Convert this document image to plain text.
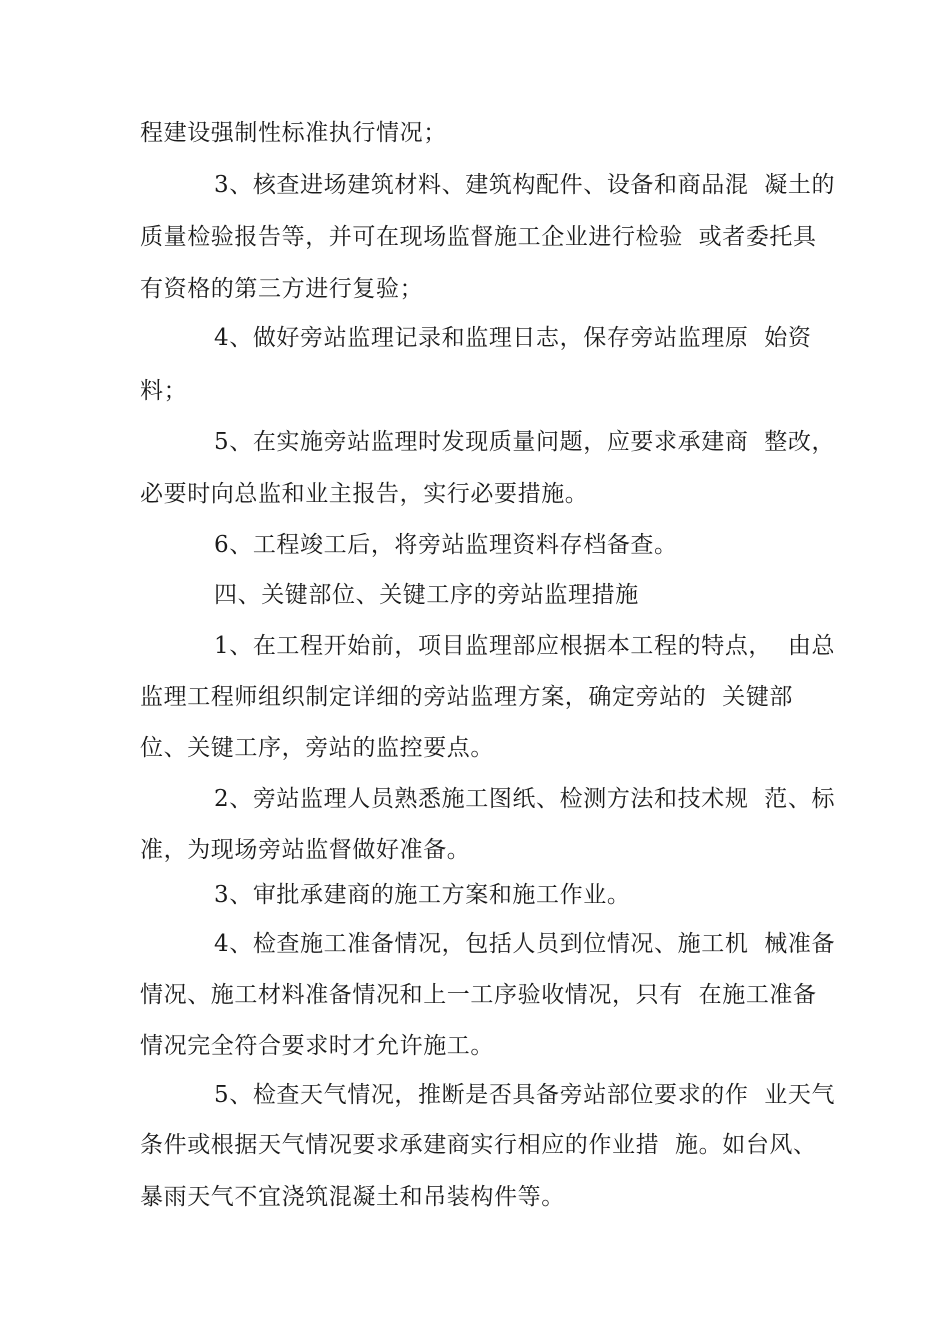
程建设强制性标准执行情况；
3、核查进场建筑材料、建筑构配件、设备和商品混  凝土的
质量检验报告等，并可在现场监督施工企业进行检验  或者委托具
有资格的第三方进行复验；
4、做好旁站监理记录和监理日志，保存旁站监理原  始资
料；
5、在实施旁站监理时发现质量问题，应要求承建商  整改，
必要时向总监和业主报告，实行必要措施。
6、工程竣工后，将旁站监理资料存档备查。
四、关键部位、关键工序的旁站监理措施
1、在工程开始前，项目监理部应根据本工程的特点，  由总
监理工程师组织制定详细的旁站监理方案，确定旁站的  关键部
位、关键工序，旁站的监控要点。
2、旁站监理人员熟悉施工图纸、检测方法和技术规  范、标
准，为现场旁站监督做好准备。
3、审批承建商的施工方案和施工作业。
4、检查施工准备情况，包括人员到位情况、施工机  械准备
情况、施工材料准备情况和上一工序验收情况，只有  在施工准备
情况完全符合要求时才允许施工。
5、检查天气情况，推断是否具备旁站部位要求的作  业天气
条件或根据天气情况要求承建商实行相应的作业措  施。如台风、
暴雨天气不宜浇筑混凝土和吊装构件等。
